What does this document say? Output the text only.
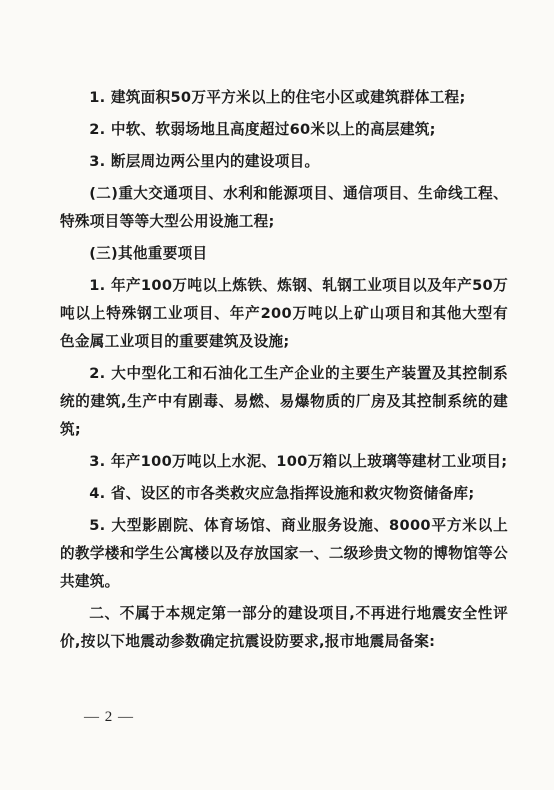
1. 建筑面积50万平方米以上的住宅小区或建筑群体工程;

2. 中软、软弱场地且高度超过60米以上的高层建筑;

3. 断层周边两公里内的建设项目。

(二)重大交通项目、水利和能源项目、通信项目、生命线工程、特殊项目等等大型公用设施工程;

(三)其他重要项目

1. 年产100万吨以上炼铁、炼钢、轧钢工业项目以及年产50万吨以上特殊钢工业项目、年产200万吨以上矿山项目和其他大型有色金属工业项目的重要建筑及设施;

2. 大中型化工和石油化工生产企业的主要生产装置及其控制系统的建筑,生产中有剧毒、易燃、易爆物质的厂房及其控制系统的建筑;

3. 年产100万吨以上水泥、100万箱以上玻璃等建材工业项目;

4. 省、设区的市各类救灾应急指挥设施和救灾物资储备库;

5. 大型影剧院、体育场馆、商业服务设施、8000平方米以上的教学楼和学生公寓楼以及存放国家一、二级珍贵文物的博物馆等公共建筑。

二、不属于本规定第一部分的建设项目,不再进行地震安全性评价,按以下地震动参数确定抗震设防要求,报市地震局备案:

— 2 —
